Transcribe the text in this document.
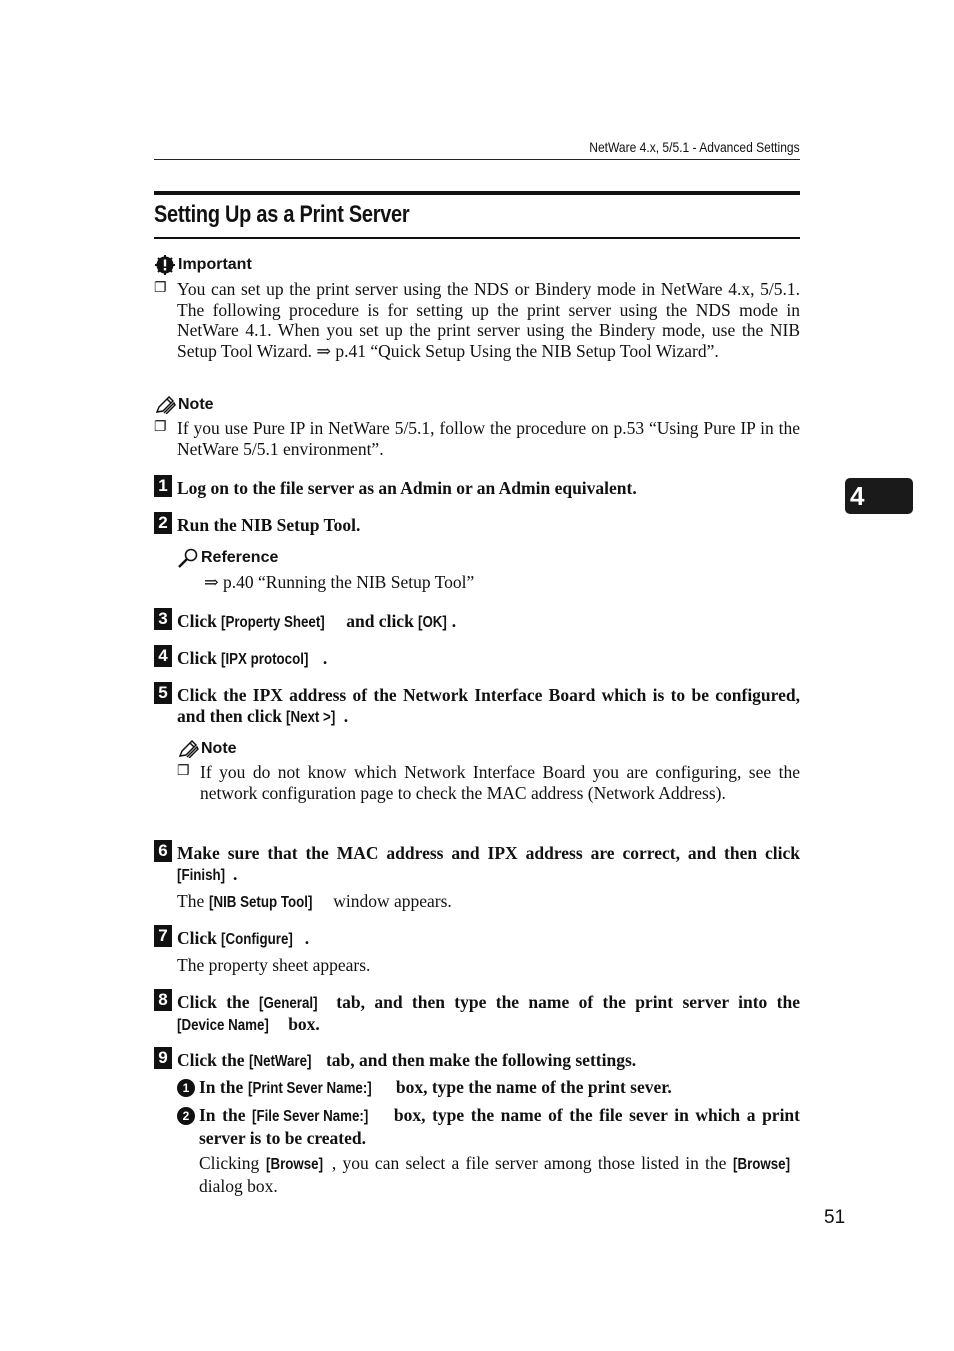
NetWare 4.x, 5/5.1 - Advanced Settings
Setting Up as a Print Server
Important
❐ You can set up the print server using the NDS or Bindery mode in NetWare 4.x, 5/5.1. The following procedure is for setting up the print server using the NDS mode in NetWare 4.1. When you set up the print server using the Bindery mode, use the NIB Setup Tool Wizard. ⇒ p.41 “Quick Setup Using the NIB Setup Tool Wizard”.
Note
❐ If you use Pure IP in NetWare 5/5.1, follow the procedure on p.53 “Using Pure IP in the NetWare 5/5.1 environment”.
1 Log on to the file server as an Admin or an Admin equivalent.
2 Run the NIB Setup Tool.
Reference
⇒ p.40 “Running the NIB Setup Tool”
3 Click [Property Sheet] and click [OK] .
4 Click [IPX protocol] .
5 Click the IPX address of the Network Interface Board which is to be configured, and then click [Next >] .
Note
❐ If you do not know which Network Interface Board you are configuring, see the network configuration page to check the MAC address (Network Address).
6 Make sure that the MAC address and IPX address are correct, and then click [Finish] .
The [NIB Setup Tool] window appears.
7 Click [Configure] .
The property sheet appears.
8 Click the [General] tab, and then type the name of the print server into the [Device Name] box.
9 Click the [NetWare] tab, and then make the following settings.
1 In the [Print Sever Name:] box, type the name of the print sever.
2 In the [File Sever Name:] box, type the name of the file sever in which a print server is to be created.
Clicking [Browse] , you can select a file server among those listed in the [Browse] dialog box.
4
51
